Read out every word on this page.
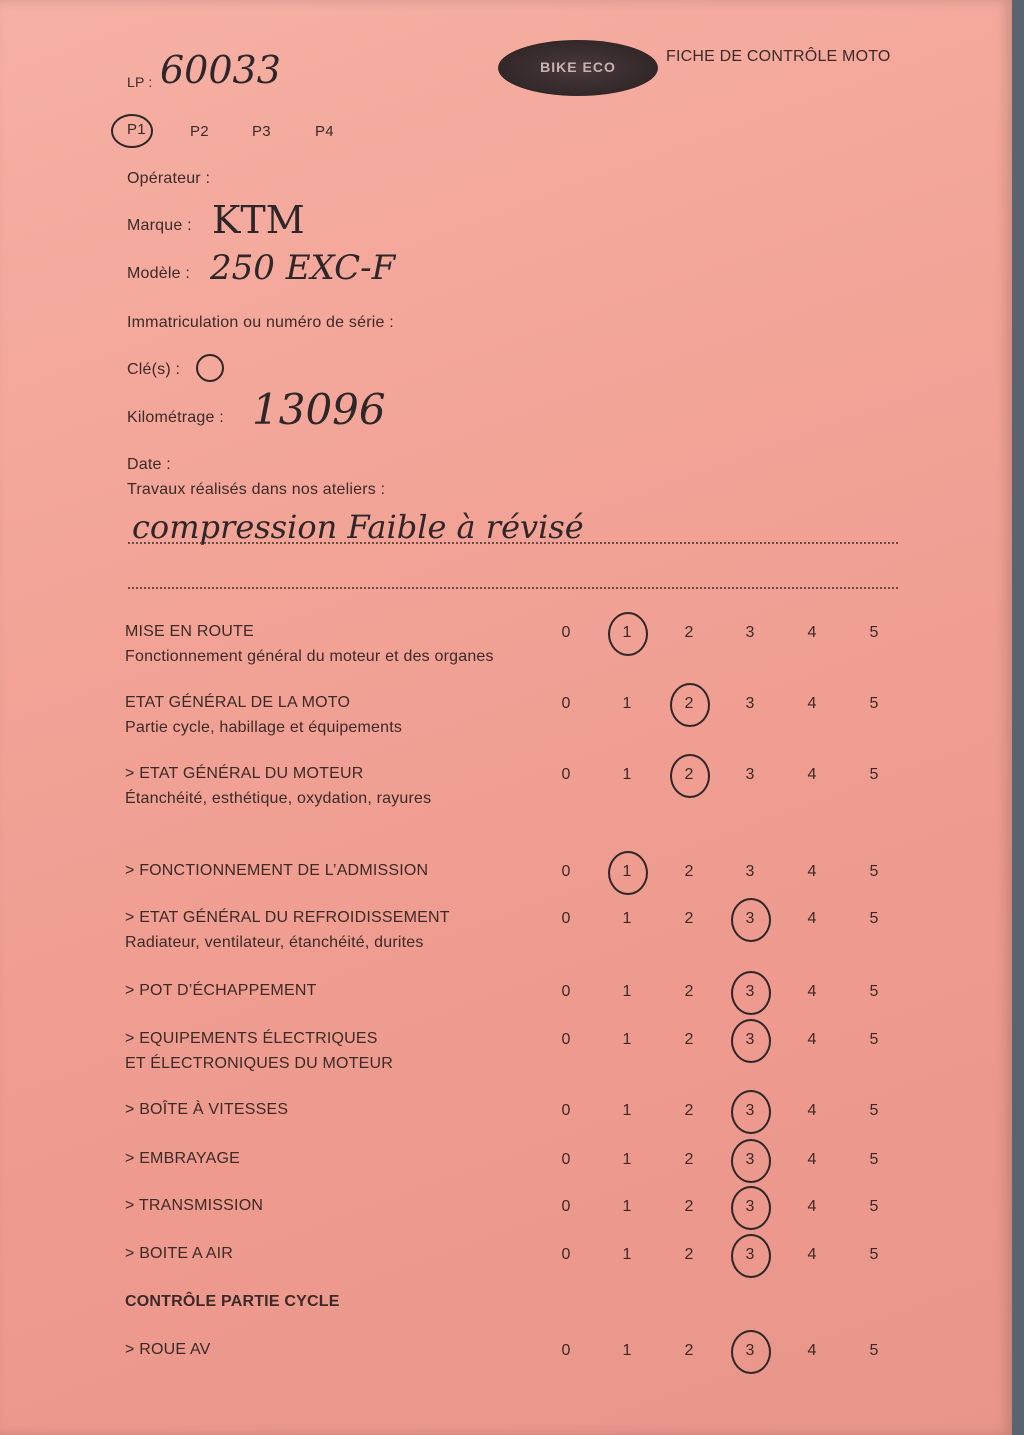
LP : 60033	BIKE ECO
FICHE DE CONTRÔLE MOTO
P1	P2	P3	P4
Opérateur :
Marque : KTM
Modèle : 250 EXC-F
Immatriculation ou numéro de série :
Clé(s) :
Kilométrage : 13096
Date :
Travaux réalisés dans nos ateliers :
compression Faible à révisé
CONTRÔLE PARTIE CYCLE
MISE EN ROUTE
Fonctionnement général du moteur et des organes
0	1	2	3	4	5
ETAT GÉNÉRAL DE LA MOTO
Partie cycle, habillage et équipements
0	1	2	3	4	5
> ETAT GÉNÉRAL DU MOTEUR
Étanchéité, esthétique, oxydation, rayures
0	1	2	3	4	5
> FONCTIONNEMENT DE L’ADMISSION	0	1	2	3	4	5
> ETAT GÉNÉRAL DU REFROIDISSEMENT
Radiateur, ventilateur, étanchéité, durites
0	1	2	3	4	5
> POT D’ÉCHAPPEMENT	0	1	2	3	4	5
> EQUIPEMENTS ÉLECTRIQUES
ET ÉLECTRONIQUES DU MOTEUR
0	1	2	3	4	5
> BOÎTE À VITESSES	0	1	2	3	4	5
> EMBRAYAGE	0	1	2	3	4	5
> TRANSMISSION	0	1	2	3	4	5
> BOITE A AIR	0	1	2	3	4	5
> ROUE AV	0	1	2	3	4	5
